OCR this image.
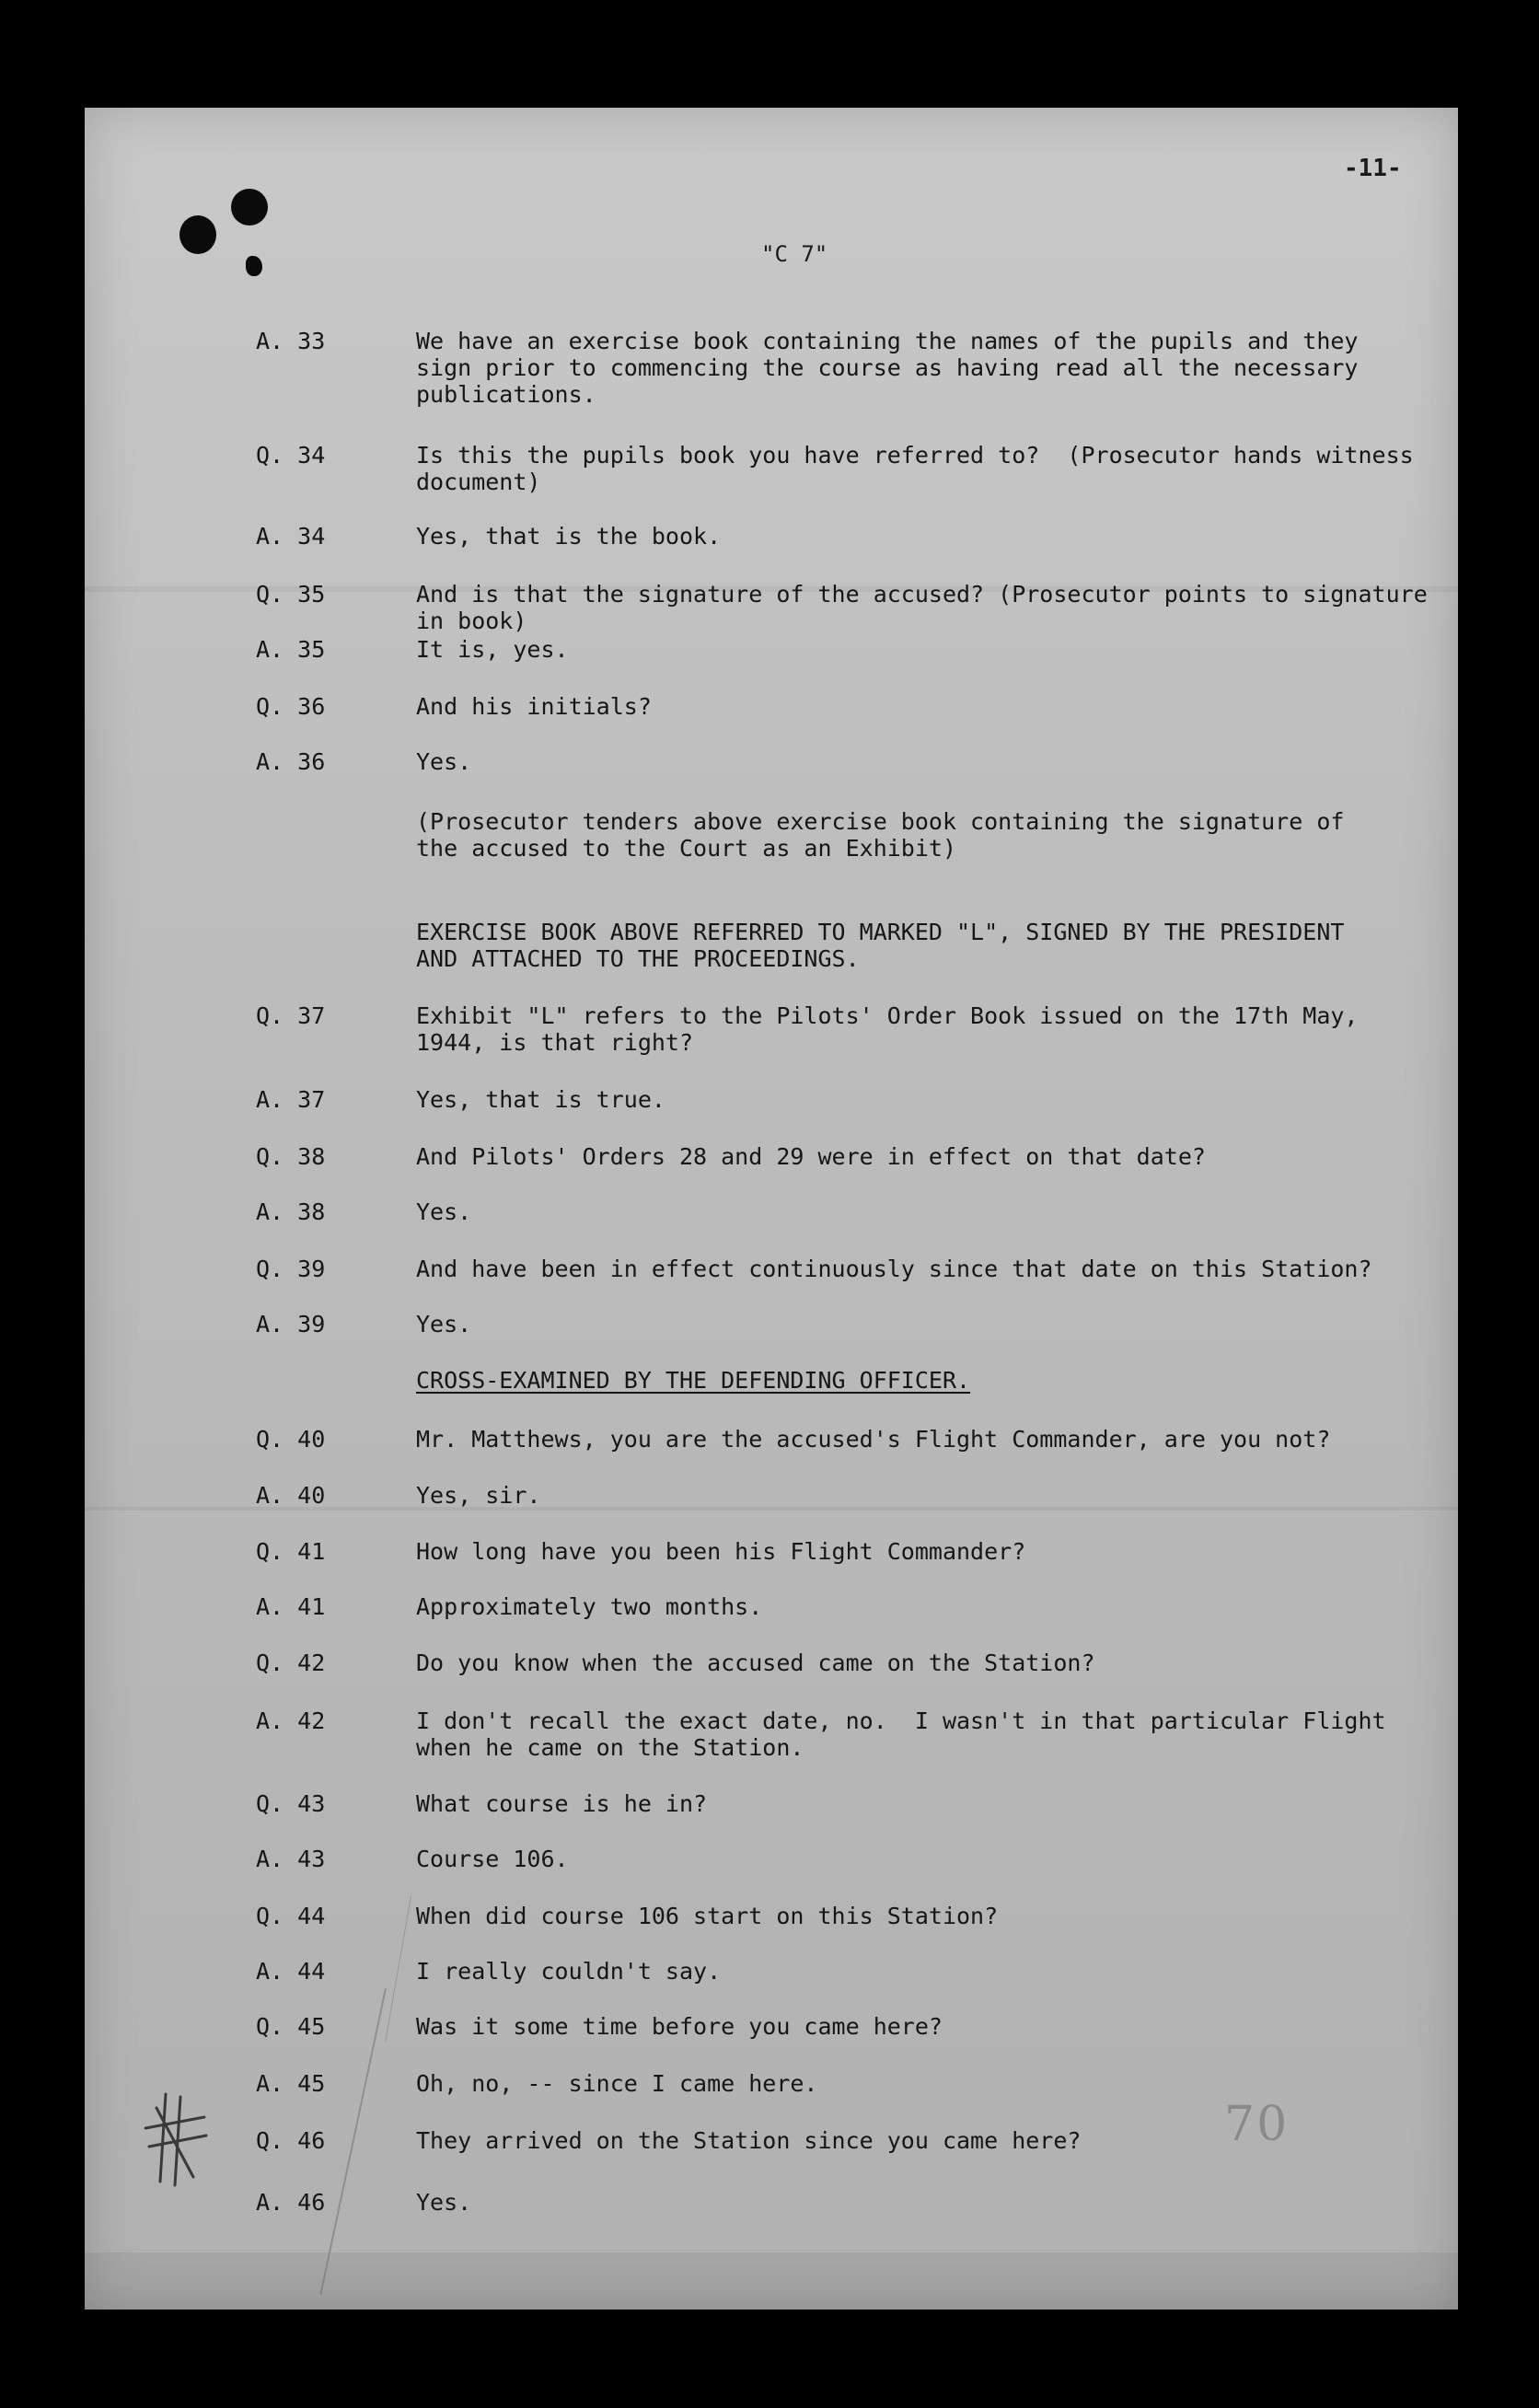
-11-
"C 7"
A. 33	We have an exercise book containing the names of the pupils and they
sign prior to commencing the course as having read all the necessary
publications.
Q. 34	Is this the pupils book you have referred to?  (Prosecutor hands witness
document)
A. 34	Yes, that is the book.
Q. 35	And is that the signature of the accused? (Prosecutor points to signature
in book)
A. 35	It is, yes.
Q. 36	And his initials?
A. 36	Yes.
(Prosecutor tenders above exercise book containing the signature of
the accused to the Court as an Exhibit)
EXERCISE BOOK ABOVE REFERRED TO MARKED "L", SIGNED BY THE PRESIDENT
AND ATTACHED TO THE PROCEEDINGS.
Q. 37	Exhibit "L" refers to the Pilots' Order Book issued on the 17th May,
1944, is that right?
A. 37	Yes, that is true.
Q. 38	And Pilots' Orders 28 and 29 were in effect on that date?
A. 38	Yes.
Q. 39	And have been in effect continuously since that date on this Station?
A. 39	Yes.
CROSS-EXAMINED BY THE DEFENDING OFFICER.
Q. 40	Mr. Matthews, you are the accused's Flight Commander, are you not?
A. 40	Yes, sir.
Q. 41	How long have you been his Flight Commander?
A. 41	Approximately two months.
Q. 42	Do you know when the accused came on the Station?
A. 42	I don't recall the exact date, no.  I wasn't in that particular Flight
when he came on the Station.
Q. 43	What course is he in?
A. 43	Course 106.
Q. 44	When did course 106 start on this Station?
A. 44	I really couldn't say.
Q. 45	Was it some time before you came here?
A. 45	Oh, no, -- since I came here.
Q. 46	They arrived on the Station since you came here?
A. 46	Yes.
70
